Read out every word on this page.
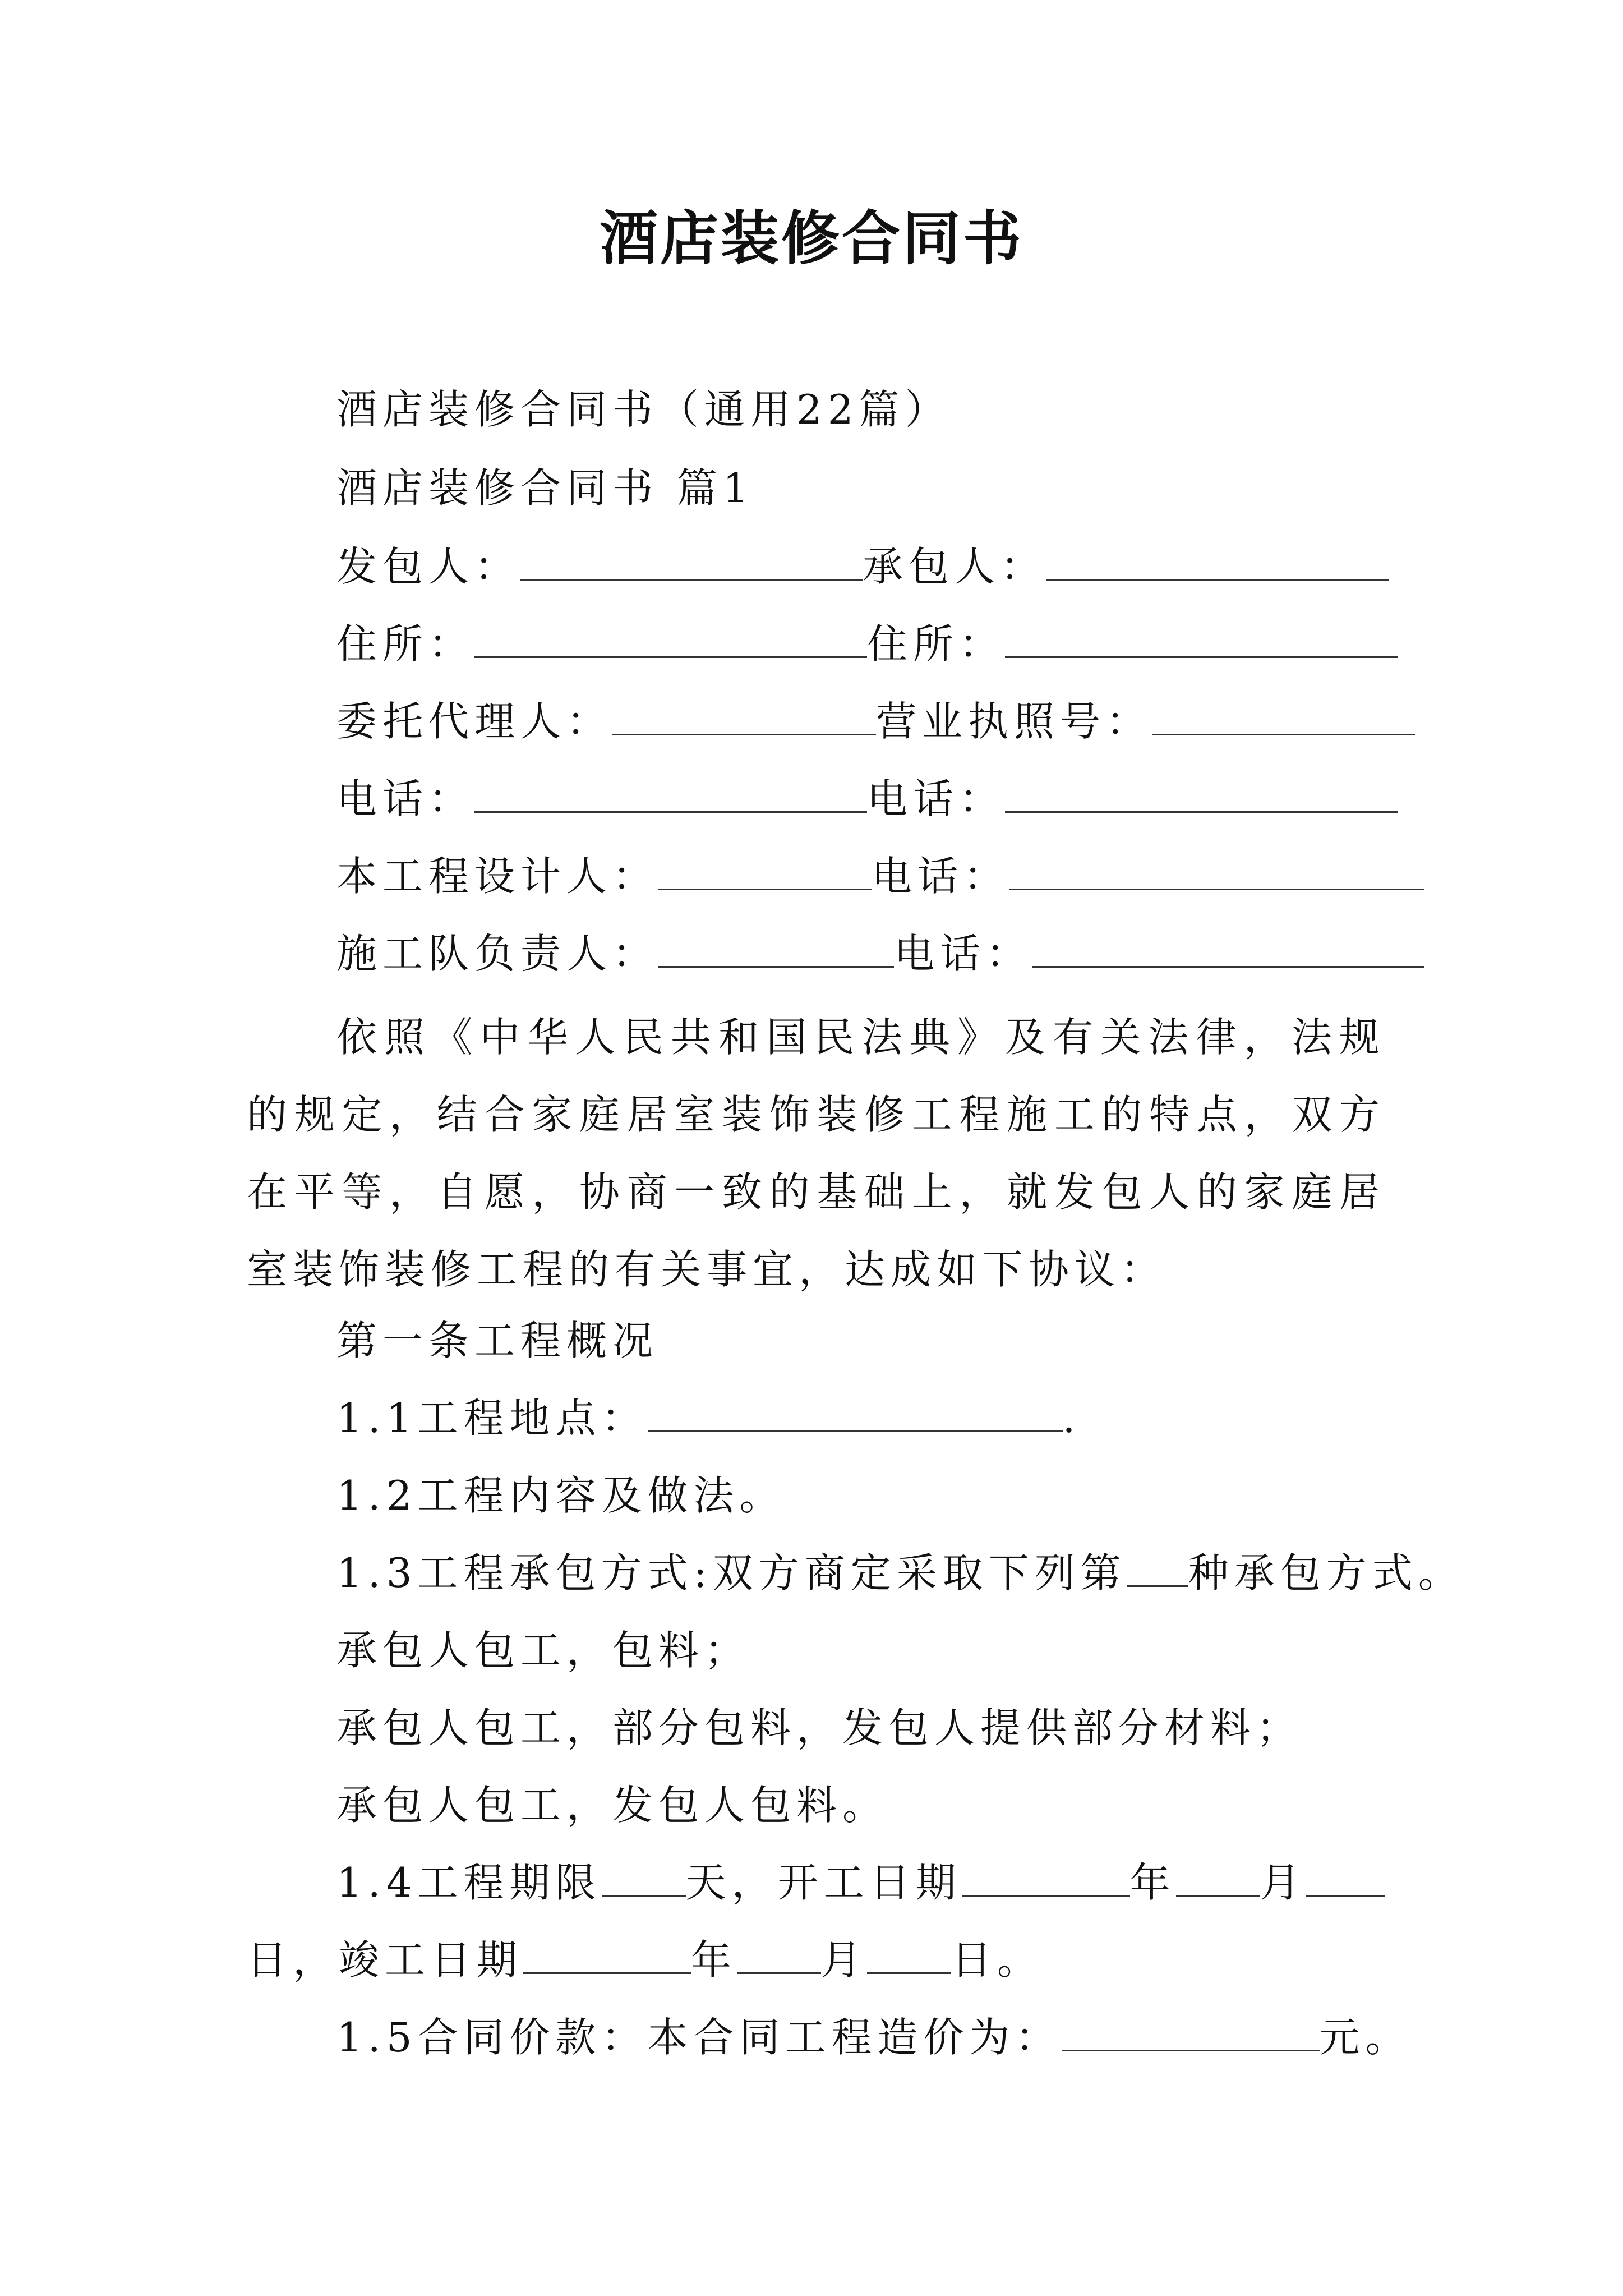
酒店装修合同书
酒店装修合同书（通用22篇）
酒店装修合同书 篇1
发包人：	承包人：
住所：	住所：
委托代理人：	营业执照号：
电话：	电话：
本工程设计人：	电话：
施工队负责人：	电话：
依照《中华人民共和国民法典》及有关法律，法规的规定，结合家庭居室装饰装修工程施工的特点，双方在平等，自愿，协商一致的基础上，就发包人的家庭居室装饰装修工程的有关事宜，达成如下协议：
第一条工程概况
1.1工程地点：	.
1.2工程内容及做法。
1.3工程承包方式:双方商定采取下列第 种承包方式。
承包人包工，包料；
承包人包工，部分包料，发包人提供部分材料；
承包人包工，发包人包料。
1.4工程期限 天，开工日期	年 月
日，竣工日期	年 月 日。
1.5合同价款：本合同工程造价为：	元。
